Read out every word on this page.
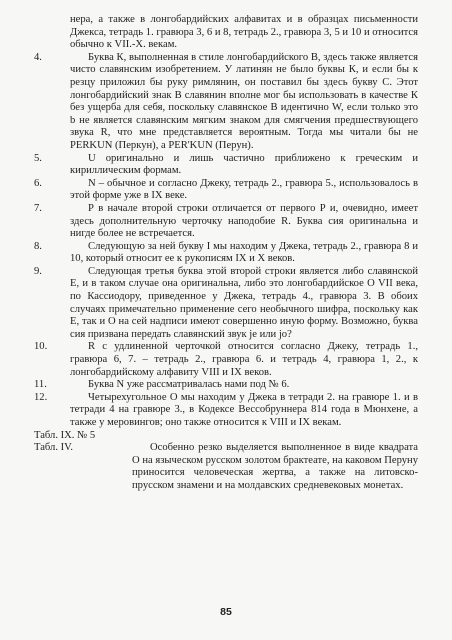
нера, а также в лонгобардийских алфавитах и в образцах письменности Джекса, тетрадь 1. гравюра 3, 6 и 8, тетрадь 2., гравюра 3, 5 и 10 и относится обычно к VII.-X. векам.

4.	Буква К, выполненная в стиле лонгобардийского В, здесь также является чисто славянским изобретением. У латинян не было буквы К, и если бы к резцу приложил бы руку римлянин, он поставил бы здесь букву С. Этот лонгобардийский знак В славянин вполне мог бы использовать в качестве К без ущерба для себя, поскольку славянское В идентично W, если только это b не является славянским мягким знаком для смягчения предшествующего звука R, что мне представляется вероятным. Тогда мы читали бы не PERKUN (Перкун), а PER'KUN (Перун).

5.	U оригинально и лишь частично приближено к греческим и кириллическим формам.

6.	N – обычное и согласно Джеку, тетрадь 2., гравюра 5., использовалось в этой форме уже в IX веке.

7.	Р в начале второй строки отличается от первого Р и, очевидно, имеет здесь дополнительную черточку наподобие R. Буква сия оригинальна и нигде более не встречается.

8.	Следующую за ней букву I мы находим у Джека, тетрадь 2., гравюра 8 и 10, который относит ее к рукописям IX и X веков.

9.	Следующая третья буква этой второй строки является либо славянской Е, и в таком случае она оригинальна, либо это лонгобардийское О VII века, по Кассиодору, приведенное у Джека, тетрадь 4., гравюра 3. В обоих случаях примечательно применение сего необычного шифра, поскольку как Е, так и О на сей надписи имеют совершенно иную форму. Возможно, буква сия призвана передать славянский звук je или jo?

10.	R с удлиненной черточкой относится согласно Джеку, тетрадь 1., гравюра 6, 7. – тетрадь 2., гравюра 6. и тетрадь 4, гравюра 1, 2., к лонгобардийскому алфавиту VIII и IX веков.

11.	Буква N уже рассматривалась нами под № 6.

12.	Четырехугольное О мы находим у Джека в тетради 2. на гравюре 1. и в тетради 4 на гравюре 3., в Кодексе Вессобруннера 814 года в Мюнхене, а также у меровингов; оно также относится к VIII и IX векам.

Табл. IX. № 5

Табл. IV.	Особенно резко выделяется выполненное в виде квадрата О на языческом русском золотом брактеате, на каковом Перуну приносится человеческая жертва, а также на литовско-прусском знамени и на молдавских средневековых монетах.

85
